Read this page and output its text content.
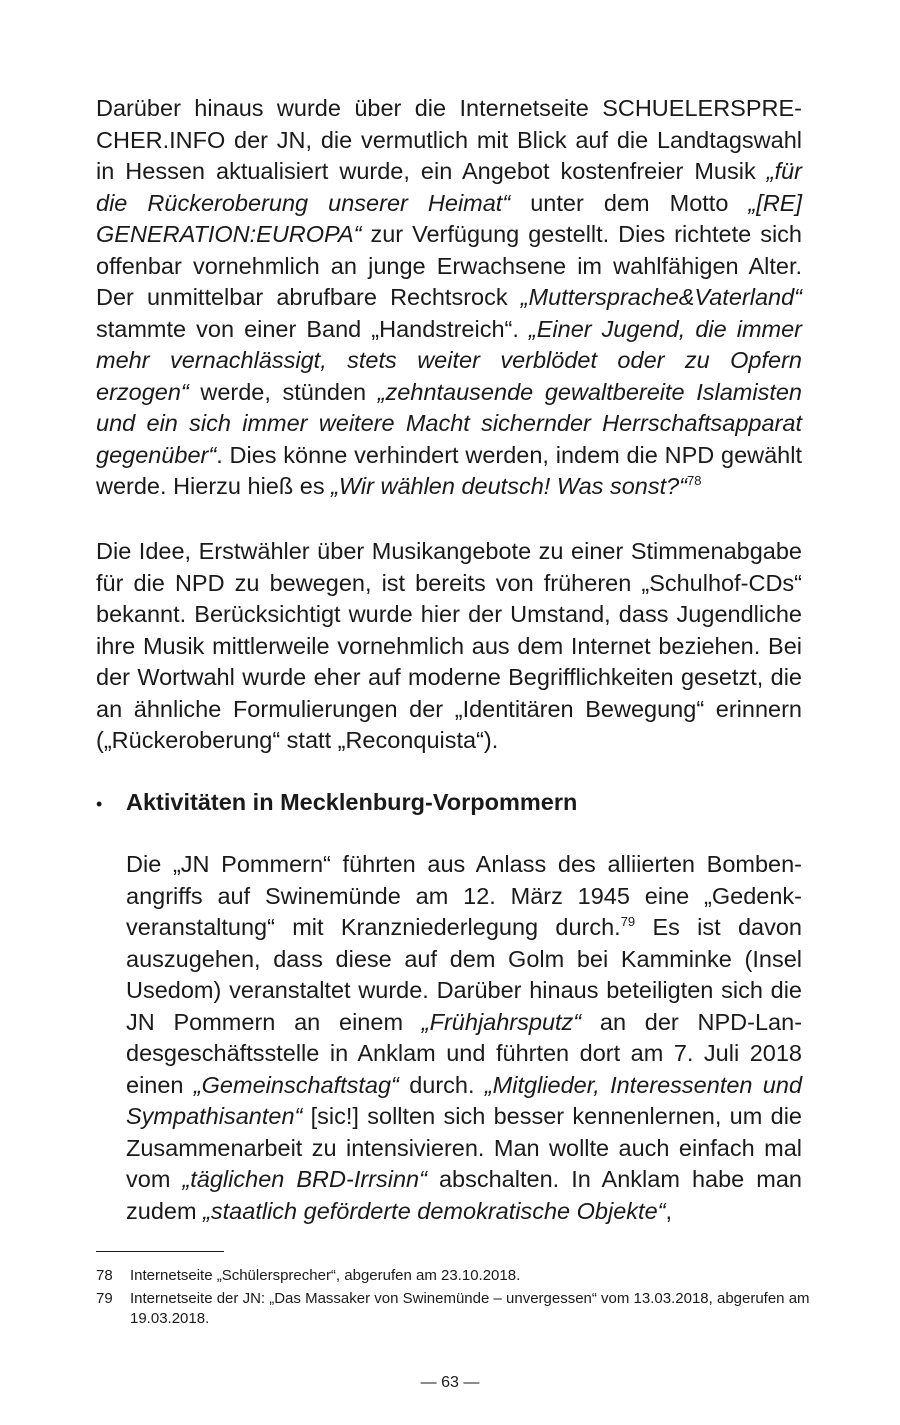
Darüber hinaus wurde über die Internetseite SCHUELERSPRECHER.INFO der JN, die vermutlich mit Blick auf die Landtagswahl in Hessen aktualisiert wurde, ein Angebot kostenfreier Musik „für die Rückeroberung unserer Heimat“ unter dem Motto „[RE] GENERATION:EUROPA“ zur Verfügung gestellt. Dies richtete sich offenbar vornehmlich an junge Erwachsene im wahlfähigen Alter. Der unmittelbar abrufbare Rechtsrock „Muttersprache&Vaterland“ stammte von einer Band „Handstreich“. „Einer Jugend, die immer mehr vernachlässigt, stets weiter verblödet oder zu Opfern erzogen“ werde, stünden „zehntausende gewaltbereite Islamisten und ein sich immer weitere Macht sichernder Herrschaftsapparat gegenüber“. Dies könne verhindert werden, indem die NPD gewählt werde. Hierzu hieß es „Wir wählen deutsch! Was sonst?“$^{78}$

Die Idee, Erstwähler über Musikangebote zu einer Stimmenabgabe für die NPD zu bewegen, ist bereits von früheren „Schulhof-CDs“ bekannt. Berücksichtigt wurde hier der Umstand, dass Jugendliche ihre Musik mittlerweile vornehmlich aus dem Internet beziehen. Bei der Wortwahl wurde eher auf moderne Begrifflichkeiten gesetzt, die an ähnliche Formulierungen der „Identitären Bewegung“ erinnern („Rückeroberung“ statt „Reconquista“).

• Aktivitäten in Mecklenburg-Vorpommern

Die „JN Pommern“ führten aus Anlass des alliierten Bombenangriffs auf Swinemünde am 12. März 1945 eine „Gedenkveranstaltung“ mit Kranzniederlegung durch.$^{79}$ Es ist davon auszugehen, dass diese auf dem Golm bei Kamminke (Insel Usedom) veranstaltet wurde. Darüber hinaus beteiligten sich die JN Pommern an einem „Frühjahrsputz“ an der NPD-Landesgeschäftsstelle in Anklam und führten dort am 7. Juli 2018 einen „Gemeinschaftstag“ durch. „Mitglieder, Interessenten und Sympathisanten“ [sic!] sollten sich besser kennenlernen, um die Zusammenarbeit zu intensivieren. Man wollte auch einfach mal vom „täglichen BRD-Irrsinn“ abschalten. In Anklam habe man zudem „staatlich geförderte demokratische Objekte“,

78	Internetseite „Schülersprecher“, abgerufen am 23.10.2018.
79	Internetseite der JN: „Das Massaker von Swinemünde – unvergessen“ vom 13.03.2018, abgerufen am 19.03.2018.
— 63 —
